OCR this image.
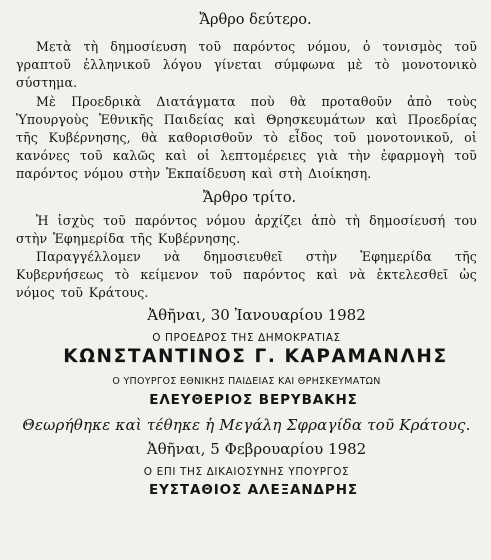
Ἄρθρο δεύτερο.

Μετὰ τὴ δημοσίευση τοῦ παρόντος νόμου, ὁ τονισμὸς τοῦ γραπτοῦ ἑλληνικοῦ λόγου γίνεται σύμφωνα μὲ τὸ μονοτονικὸ σύστημα.

Μὲ Προεδρικὰ Διατάγματα ποὺ θὰ προταθοῦν ἀπὸ τοὺς Ὑπουργοὺς Ἐθνικῆς Παιδείας καὶ Θρησκευμάτων καὶ Προεδρίας τῆς Κυβέρνησης, θὰ καθορισθοῦν τὸ εἶδος τοῦ μονοτονικοῦ, οἱ κανόνες τοῦ καλῶς καὶ οἱ λεπτομέρειες γιὰ τὴν ἐφαρμογὴ τοῦ παρόντος νόμου στὴν Ἐκπαίδευση καὶ στὴ Διοίκηση.

Ἄρθρο τρίτο.

Ἡ ἰσχὺς τοῦ παρόντος νόμου ἀρχίζει ἀπὸ τὴ δημοσίευσή του στὴν Ἐφημερίδα τῆς Κυβέρνησης.

Παραγγέλλομεν νὰ δημοσιευθεῖ στὴν Ἐφημερίδα τῆς Κυβερνήσεως τὸ κείμενον τοῦ παρόντος καὶ νὰ ἐκτελεσθεῖ ὡς νόμος τοῦ Κράτους.

Ἀθῆναι, 30 Ἰανουαρίου 1982

Ο ΠΡΟΕΔΡΟΣ ΤΗΣ ΔΗΜΟΚΡΑΤΙΑΣ

ΚΩΝΣΤΑΝΤΙΝΟΣ Γ. ΚΑΡΑΜΑΝΛΗΣ

Ο ΥΠΟΥΡΓΟΣ ΕΘΝΙΚΗΣ ΠΑΙΔΕΙΑΣ ΚΑΙ ΘΡΗΣΚΕΥΜΑΤΩΝ

ΕΛΕΥΘΕΡΙΟΣ ΒΕΡΥΒΑΚΗΣ

Θεωρήθηκε καὶ τέθηκε ἡ Μεγάλη Σφραγίδα τοῦ Κράτους.

Ἀθῆναι, 5 Φεβρουαρίου 1982

Ο ΕΠΙ ΤΗΣ ΔΙΚΑΙΟΣΥΝΗΣ ΥΠΟΥΡΓΟΣ

ΕΥΣΤΑΘΙΟΣ ΑΛΕΞΑΝΔΡΗΣ
